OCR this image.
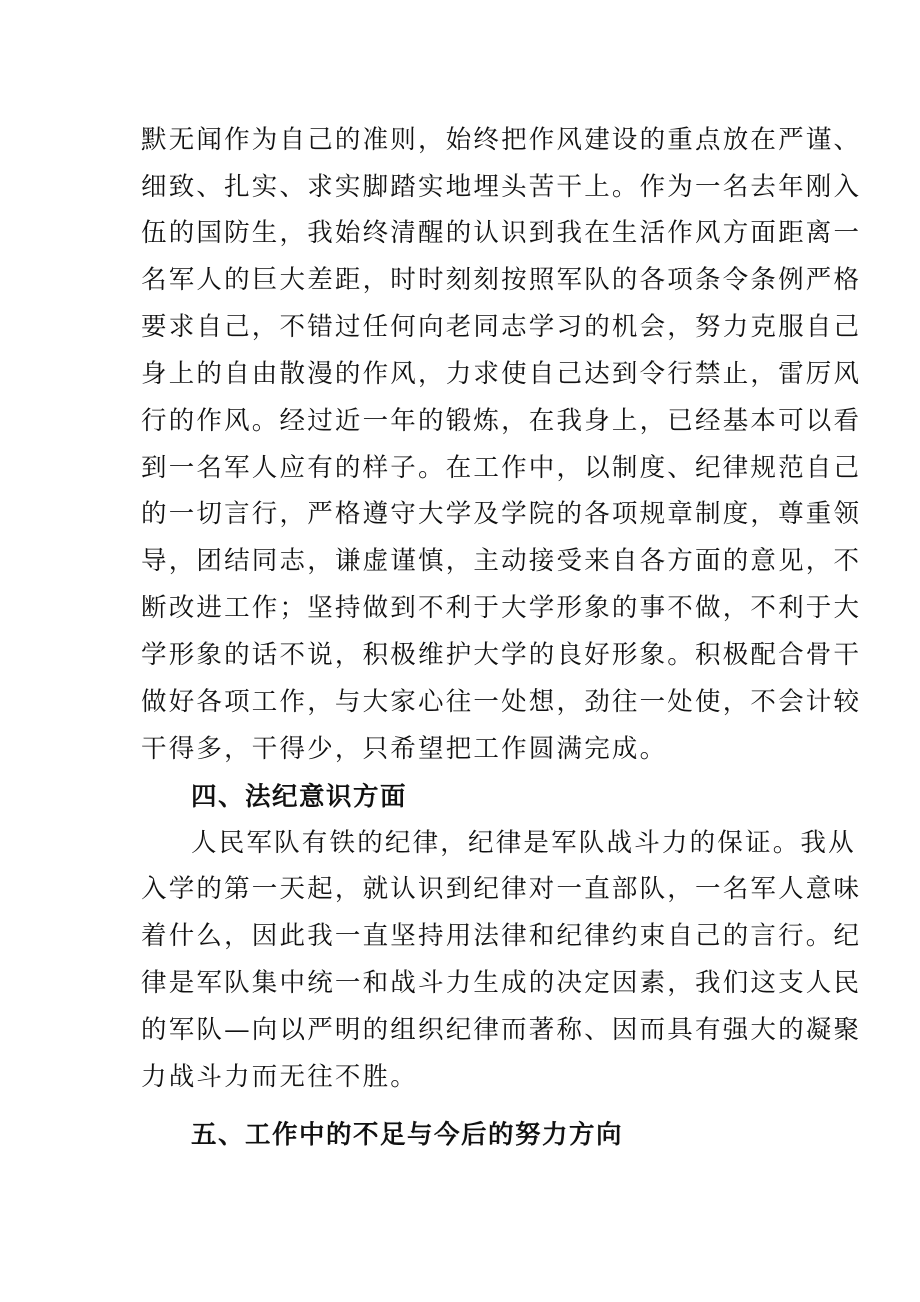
默无闻作为自己的准则，始终把作风建设的重点放在严谨、
细致、扎实、求实脚踏实地埋头苦干上。作为一名去年刚入
伍的国防生，我始终清醒的认识到我在生活作风方面距离一
名军人的巨大差距，时时刻刻按照军队的各项条令条例严格
要求自己，不错过任何向老同志学习的机会，努力克服自己
身上的自由散漫的作风，力求使自己达到令行禁止，雷厉风
行的作风。经过近一年的锻炼，在我身上，已经基本可以看
到一名军人应有的样子。在工作中，以制度、纪律规范自己
的一切言行，严格遵守大学及学院的各项规章制度，尊重领
导，团结同志，谦虚谨慎，主动接受来自各方面的意见，不
断改进工作；坚持做到不利于大学形象的事不做，不利于大
学形象的话不说，积极维护大学的良好形象。积极配合骨干
做好各项工作，与大家心往一处想，劲往一处使，不会计较
干得多，干得少，只希望把工作圆满完成。
四、法纪意识方面
人民军队有铁的纪律，纪律是军队战斗力的保证。我从
入学的第一天起，就认识到纪律对一直部队，一名军人意味
着什么，因此我一直坚持用法律和纪律约束自己的言行。纪
律是军队集中统一和战斗力生成的决定因素，我们这支人民
的军队—向以严明的组织纪律而著称、因而具有强大的凝聚
力战斗力而无往不胜。
五、工作中的不足与今后的努力方向
